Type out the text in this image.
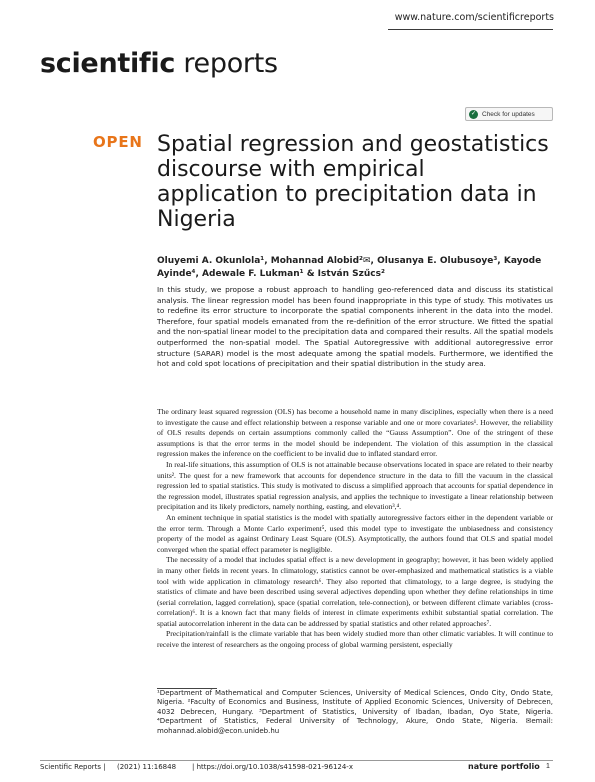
www.nature.com/scientificreports
scientific reports
✓ Check for updates
OPEN Spatial regression and geostatistics discourse with empirical application to precipitation data in Nigeria
Oluyemi A. Okunlola¹, Mohannad Alobid²✉, Olusanya E. Olubusoye³, Kayode Ayinde⁴, Adewale F. Lukman¹ & István Szűcs²
In this study, we propose a robust approach to handling geo-referenced data and discuss its statistical analysis. The linear regression model has been found inappropriate in this type of study. This motivates us to redefine its error structure to incorporate the spatial components inherent in the data into the model. Therefore, four spatial models emanated from the re-definition of the error structure. We fitted the spatial and the non-spatial linear model to the precipitation data and compared their results. All the spatial models outperformed the non-spatial model. The Spatial Autoregressive with additional autoregressive error structure (SARAR) model is the most adequate among the spatial models. Furthermore, we identified the hot and cold spot locations of precipitation and their spatial distribution in the study area.

The ordinary least squared regression (OLS) has become a household name in many disciplines, especially when there is a need to investigate the cause and effect relationship between a response variable and one or more covariates¹. However, the reliability of OLS results depends on certain assumptions commonly called the “Gauss Assumption”. One of the stringent of these assumptions is that the error terms in the model should be independent. The violation of this assumption in the classical regression makes the inference on the coefficient to be invalid due to inflated standard error.

In real-life situations, this assumption of OLS is not attainable because observations located in space are related to their nearby units². The quest for a new framework that accounts for dependence structure in the data to fill the vacuum in the classical regression led to spatial statistics. This study is motivated to discuss a simplified approach that accounts for spatial dependence in the regression model, illustrates spatial regression analysis, and applies the technique to investigate a linear relationship between precipitation and its likely predictors, namely northing, easting, and elevation³,⁴.

An eminent technique in spatial statistics is the model with spatially autoregressive factors either in the dependent variable or the error term. Through a Monte Carlo experiment⁵, used this model type to investigate the unbiasedness and consistency property of the model as against Ordinary Least Square (OLS). Asymptotically, the authors found that OLS and spatial model converged when the spatial effect parameter is negligible.

The necessity of a model that includes spatial effect is a new development in geography; however, it has been widely applied in many other fields in recent years. In climatology, statistics cannot be over-emphasized and mathematical statistics is a viable tool with wide application in climatology research⁶. They also reported that climatology, to a large degree, is studying the statistics of climate and have been described using several adjectives depending upon whether they define relationships in time (serial correlation, lagged correlation), space (spatial correlation, tele-connection), or between different climate variables (cross-correlation)⁶. It is a known fact that many fields of interest in climate experiments exhibit substantial spatial correlation. The spatial autocorrelation inherent in the data can be addressed by spatial statistics and other related approaches⁷.

Precipitation/rainfall is the climate variable that has been widely studied more than other climatic variables. It will continue to receive the interest of researchers as the ongoing process of global warming persistent, especially

¹Department of Mathematical and Computer Sciences, University of Medical Sciences, Ondo City, Ondo State, Nigeria. ²Faculty of Economics and Business, Institute of Applied Economic Sciences, University of Debrecen, 4032 Debrecen, Hungary. ³Department of Statistics, University of Ibadan, Ibadan, Oyo State, Nigeria. ⁴Department of Statistics, Federal University of Technology, Akure, Ondo State, Nigeria. ✉email: mohannad.alobid@econ.unideb.hu
Scientific Reports | (2021) 11:16848 | https://doi.org/10.1038/s41598-021-96124-x	nature portfolio 1
